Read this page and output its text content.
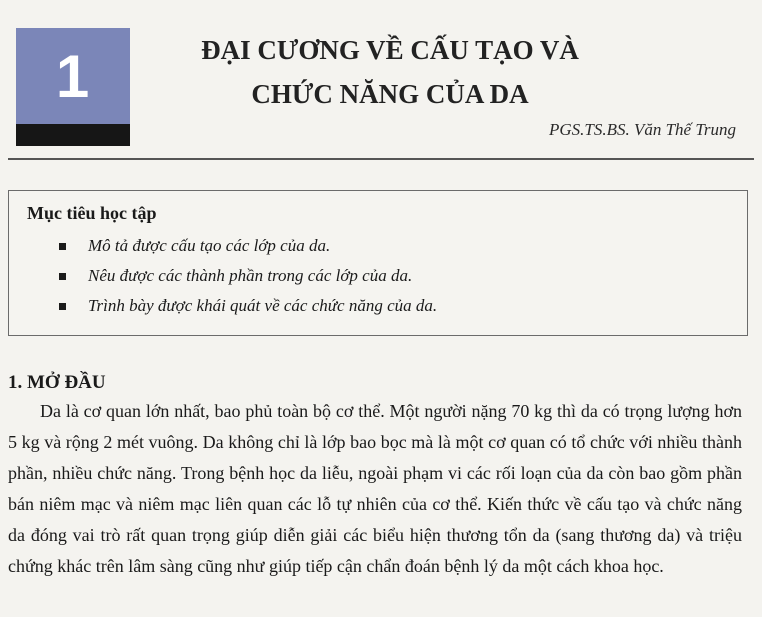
1	ĐẠI CƯƠNG VỀ CẤU TẠO VÀ
CHỨC NĂNG CỦA DA
PGS.TS.BS. Văn Thế Trung
Mục tiêu học tập
Mô tả được cấu tạo các lớp của da.
Nêu được các thành phần trong các lớp của da.
Trình bày được khái quát về các chức năng của da.
1. MỞ ĐẦU

Da là cơ quan lớn nhất, bao phủ toàn bộ cơ thể. Một người nặng 70 kg thì da có trọng lượng hơn 5 kg và rộng 2 mét vuông. Da không chỉ là lớp bao bọc mà là một cơ quan có tổ chức với nhiều thành phần, nhiều chức năng. Trong bệnh học da liễu, ngoài phạm vi các rối loạn của da còn bao gồm phần bán niêm mạc và niêm mạc liên quan các lỗ tự nhiên của cơ thể. Kiến thức về cấu tạo và chức năng da đóng vai trò rất quan trọng giúp diễn giải các biểu hiện thương tổn da (sang thương da) và triệu chứng khác trên lâm sàng cũng như giúp tiếp cận chẩn đoán bệnh lý da một cách khoa học.
